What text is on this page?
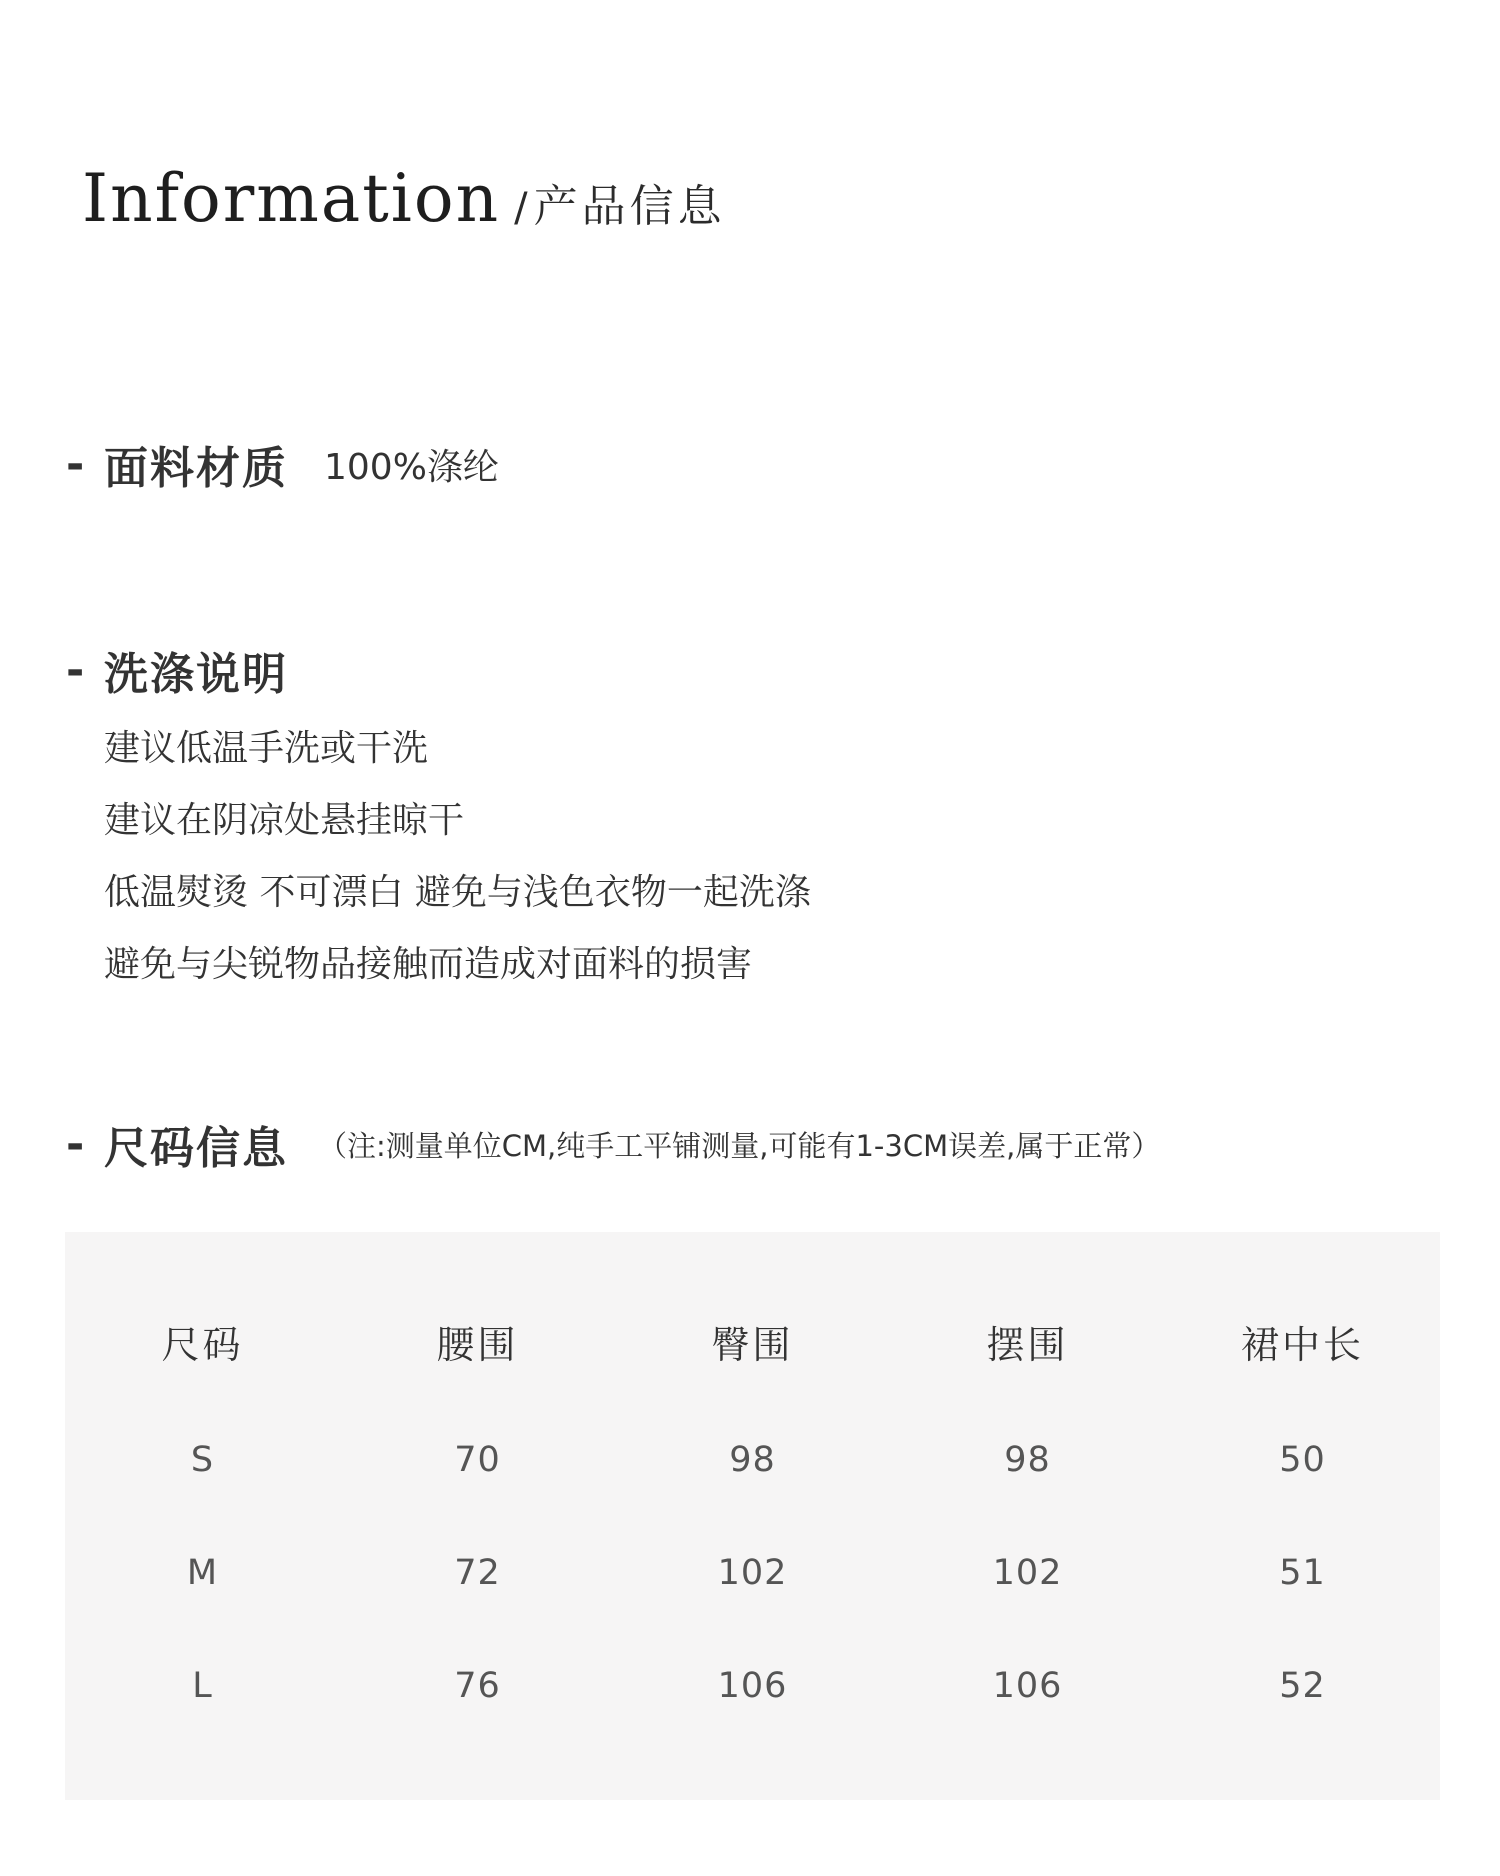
Information / 产品信息
- 面料材质 100%涤纶
- 洗涤说明
建议低温手洗或干洗
建议在阴凉处悬挂晾干
低温熨烫 不可漂白 避免与浅色衣物一起洗涤
避免与尖锐物品接触而造成对面料的损害
- 尺码信息 （注:测量单位CM,纯手工平铺测量,可能有1-3CM误差,属于正常）
尺码	腰围	臀围	摆围	裙中长
S	70	98	98	50
M	72	102	102	51
L	76	106	106	52
